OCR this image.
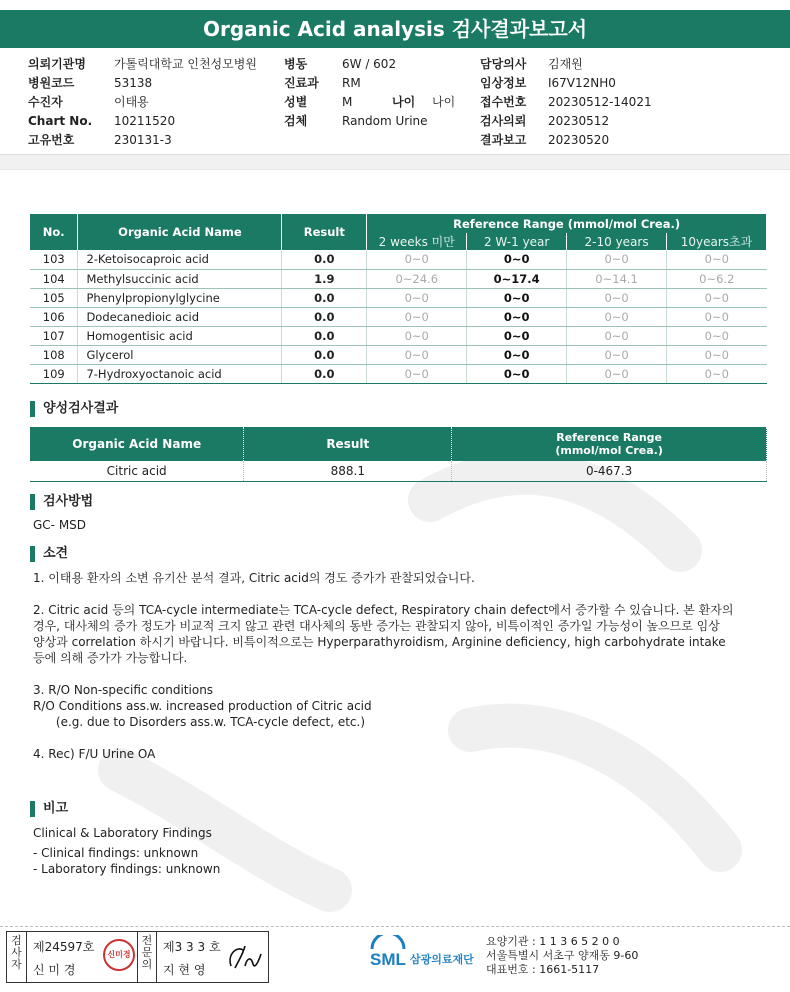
Organic Acid analysis 검사결과보고서
의뢰기관명 가톨릭대학교 인천성모병원
병원코드	53138
수진자	이태용
Chart No. 10211520
고유번호	230131-3
병동	6W / 602
진료과 RM
성별	M	나이 나이
검체	Random Urine
담당의사 김재원
임상정보 I67V12NH0
접수번호 20230512-14021
검사의뢰 20230512
결과보고 20230520
No.	Organic Acid Name	Result	Reference Range (mmol/mol Crea.)			
			2 weeks 미만	2 W-1 year	2-10 years	10years초과
103	2-Ketoisocaproic acid	0.0	0~0	0~0	0~0	0~0
104	Methylsuccinic acid	1.9	0~24.6	0~17.4	0~14.1	0~6.2
105	Phenylpropionylglycine	0.0	0~0	0~0	0~0	0~0
106	Dodecanedioic acid	0.0	0~0	0~0	0~0	0~0
107	Homogentisic acid	0.0	0~0	0~0	0~0	0~0
108	Glycerol	0.0	0~0	0~0	0~0	0~0
109	7-Hydroxyoctanoic acid	0.0	0~0	0~0	0~0	0~0
양성검사결과
Organic Acid Name	Result	Reference Range
(mmol/mol Crea.)

Citric acid	888.1	0-467.3
검사방법
GC- MSD
소견

1. 이태용 환자의 소변 유기산 분석 결과, Citric acid의 경도 증가가 관찰되었습니다.

2. Citric acid 등의 TCA-cycle intermediate는 TCA-cycle defect, Respiratory chain defect에서 증가할 수 있습니다. 본 환자의

경우, 대사체의 증가 정도가 비교적 크지 않고 관련 대사체의 동반 증가는 관찰되지 않아, 비특이적인 증가일 가능성이 높으므로 임상

양상과 correlation 하시기 바랍니다. 비특이적으로는 Hyperparathyroidism, Arginine deficiency, high carbohydrate intake

등에 의해 증가가 가능합니다.

3. R/O Non-specific conditions

R/O Conditions ass.w. increased production of Citric acid

(e.g. due to Disorders ass.w. TCA-cycle defect, etc.)

4. Rec) F/U Urine OA

비고
Clinical & Laboratory Findings
- Clinical findings: unknown
- Laboratory findings: unknown
검사자
제24597호
신 미 경
신미경
전문의
제3 3 3 호
지 현 영
SML 삼광의료재단
요양기관 : 1 1 3 6 5 2 0 0
서울특별시 서초구 양재동 9-60
대표번호 : 1661-5117
